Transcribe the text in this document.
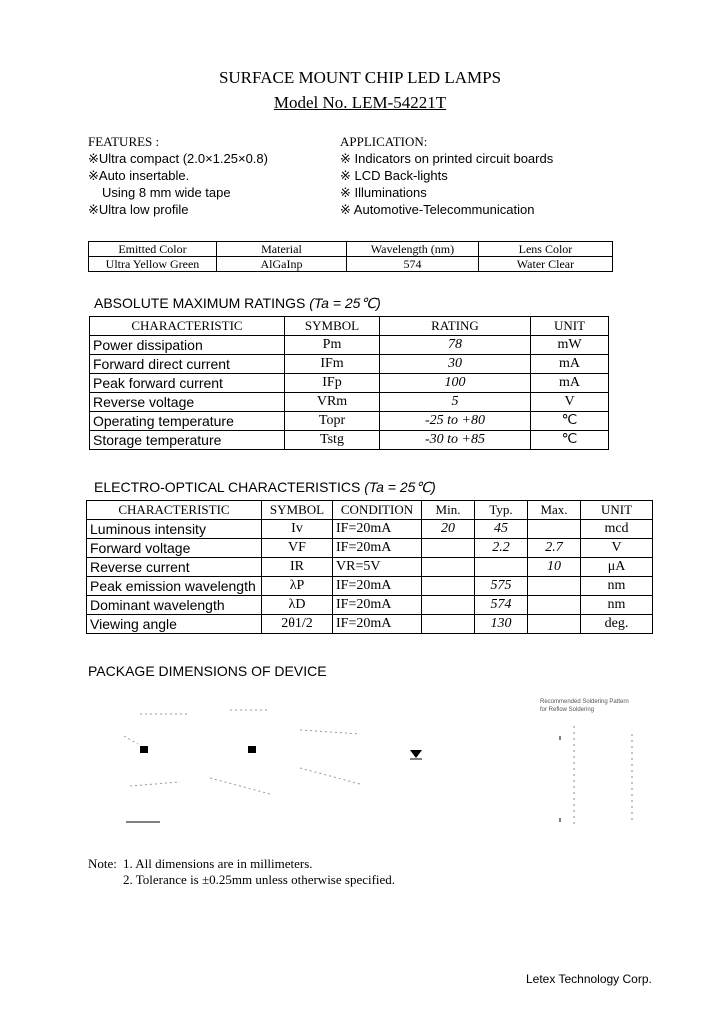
SURFACE MOUNT CHIP LED LAMPS
Model No. LEM-54221T
FEATURES :
※Ultra compact (2.0×1.25×0.8)
※Auto insertable.
Using 8 mm wide tape
※Ultra low profile
APPLICATION:
※ Indicators on printed circuit boards
※ LCD Back-lights
※ Illuminations
※ Automotive-Telecommunication
Emitted Color	Material	Wavelength (nm)	Lens Color
Ultra Yellow Green	AlGaInp	574	Water Clear
ABSOLUTE MAXIMUM RATINGS (Ta = 25℃)
CHARACTERISTIC	SYMBOL	RATING	UNIT
Power dissipation	Pm	78	mW
Forward direct current	IFm	30	mA
Peak forward current	IFp	100	mA
Reverse voltage	VRm	5	V
Operating temperature	Topr	-25 to +80	℃
Storage temperature	Tstg	-30 to +85	℃
ELECTRO-OPTICAL CHARACTERISTICS (Ta = 25℃)
CHARACTERISTIC	SYMBOL	CONDITION	Min.	Typ.	Max.	UNIT
Luminous intensity	Iv	IF=20mA	20	45		mcd
Forward voltage	VF	IF=20mA		2.2	2.7	V
Reverse current	IR	VR=5V			10	μA
Peak emission wavelength	λP	IF=20mA		575		nm
Dominant wavelength	λD	IF=20mA		574		nm
Viewing angle	2θ1/2	IF=20mA		130		deg.
PACKAGE DIMENSIONS OF DEVICE
Recommended Soldering Pattern
for Reflow Soldering
Note: 1. All dimensions are in millimeters.
2. Tolerance is ±0.25mm unless otherwise specified.
Letex Technology Corp.
